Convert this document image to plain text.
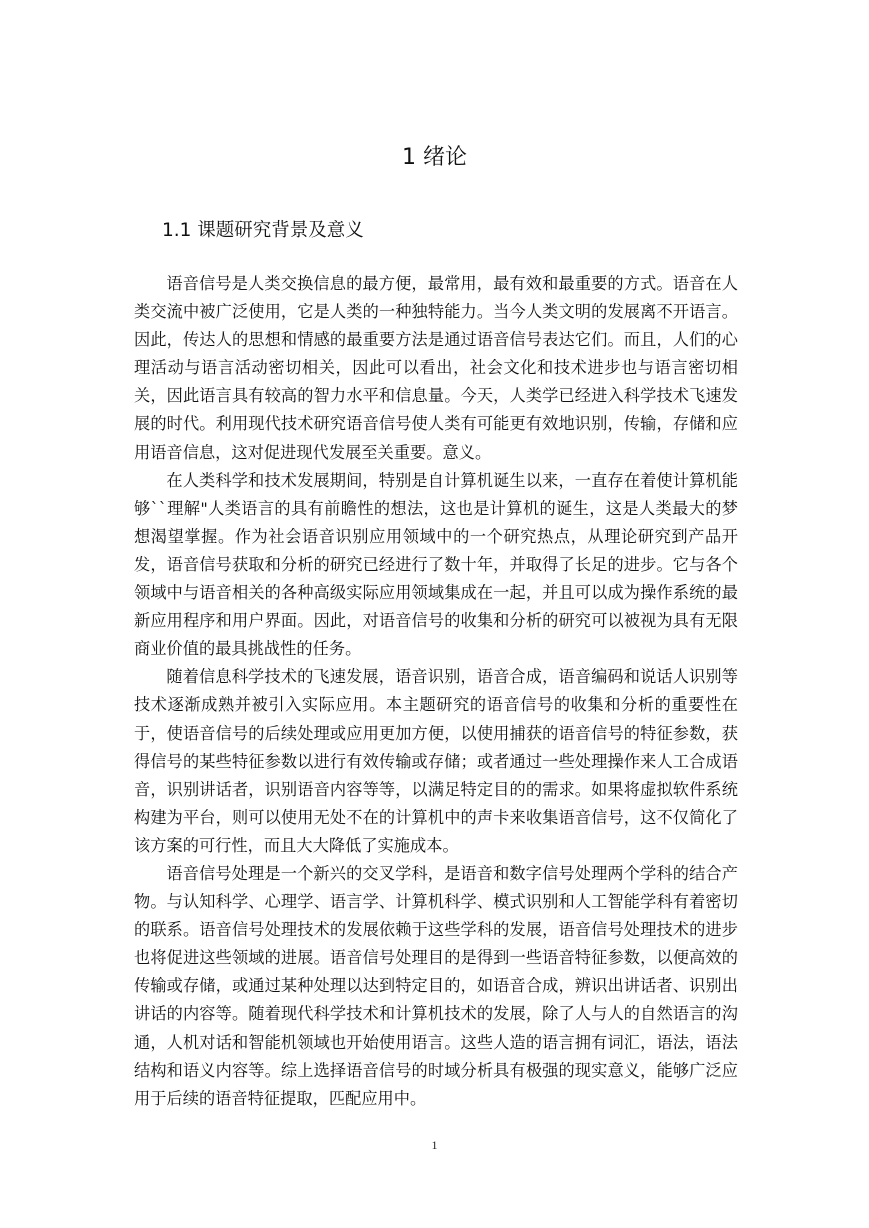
1 绪论
1.1 课题研究背景及意义

语音信号是人类交换信息的最方便，最常用，最有效和最重要的方式。语音在人类交流中被广泛使用，它是人类的一种独特能力。当今人类文明的发展离不开语言。因此，传达人的思想和情感的最重要方法是通过语音信号表达它们。而且，人们的心理活动与语言活动密切相关，因此可以看出，社会文化和技术进步也与语言密切相关，因此语言具有较高的智力水平和信息量。今天，人类学已经进入科学技术飞速发展的时代。利用现代技术研究语音信号使人类有可能更有效地识别，传输，存储和应用语音信息，这对促进现代发展至关重要。意义。

在人类科学和技术发展期间，特别是自计算机诞生以来，一直存在着使计算机能够``理解"人类语言的具有前瞻性的想法，这也是计算机的诞生，这是人类最大的梦想渴望掌握。作为社会语音识别应用领域中的一个研究热点，从理论研究到产品开发，语音信号获取和分析的研究已经进行了数十年，并取得了长足的进步。它与各个领域中与语音相关的各种高级实际应用领域集成在一起，并且可以成为操作系统的最新应用程序和用户界面。因此，对语音信号的收集和分析的研究可以被视为具有无限商业价值的最具挑战性的任务。

随着信息科学技术的飞速发展，语音识别，语音合成，语音编码和说话人识别等技术逐渐成熟并被引入实际应用。本主题研究的语音信号的收集和分析的重要性在于，使语音信号的后续处理或应用更加方便，以使用捕获的语音信号的特征参数，获得信号的某些特征参数以进行有效传输或存储；或者通过一些处理操作来人工合成语音，识别讲话者，识别语音内容等等，以满足特定目的的需求。如果将虚拟软件系统构建为平台，则可以使用无处不在的计算机中的声卡来收集语音信号，这不仅简化了该方案的可行性，而且大大降低了实施成本。

语音信号处理是一个新兴的交叉学科，是语音和数字信号处理两个学科的结合产物。与认知科学、心理学、语言学、计算机科学、模式识别和人工智能学科有着密切的联系。语音信号处理技术的发展依赖于这些学科的发展，语音信号处理技术的进步也将促进这些领域的进展。语音信号处理目的是得到一些语音特征参数，以便高效的传输或存储，或通过某种处理以达到特定目的，如语音合成，辨识出讲话者、识别出讲话的内容等。随着现代科学技术和计算机技术的发展，除了人与人的自然语言的沟通，人机对话和智能机领域也开始使用语言。这些人造的语言拥有词汇，语法，语法结构和语义内容等。综上选择语音信号的时域分析具有极强的现实意义，能够广泛应用于后续的语音特征提取，匹配应用中。

1
